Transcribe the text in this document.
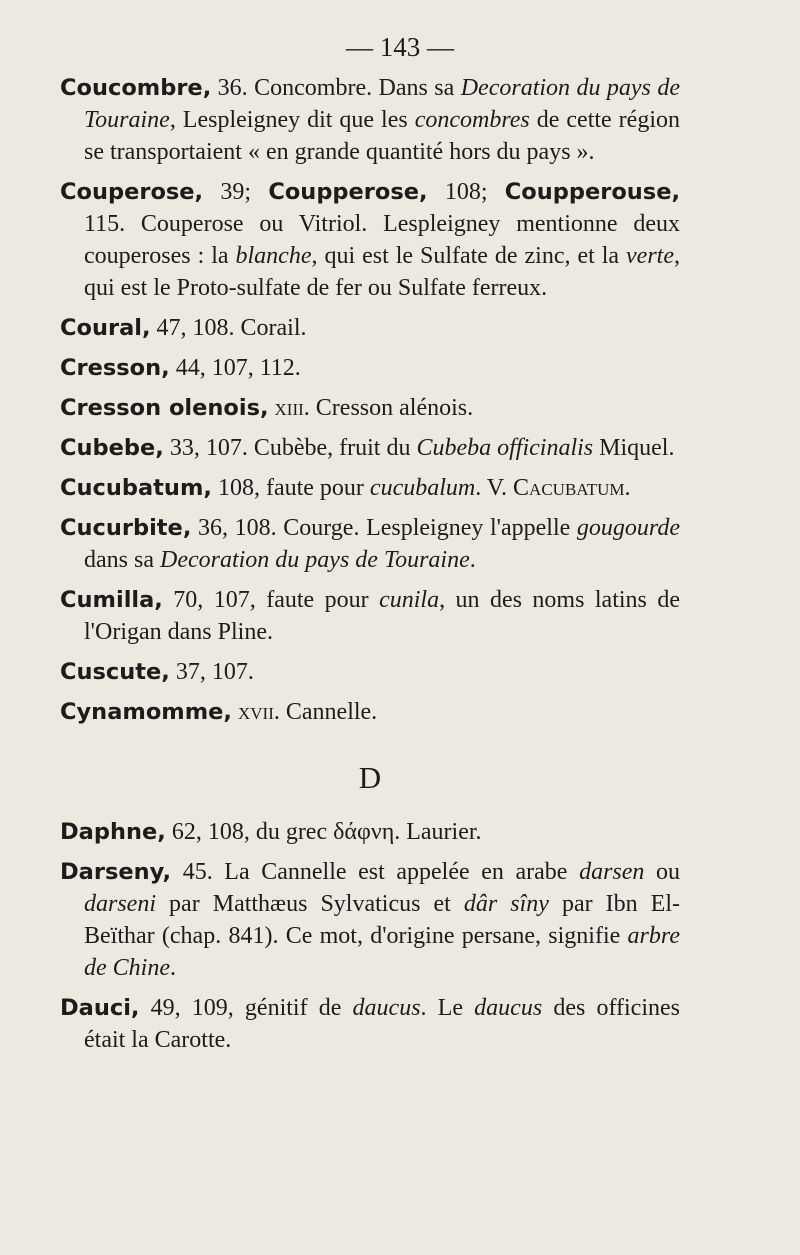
— 143 —

Coucombre, 36. Concombre. Dans sa Decoration du pays de Touraine, Lespleigney dit que les concombres de cette région se transportaient « en grande quantité hors du pays ».

Couperose, 39; Coupperose, 108; Coupperouse, 115. Couperose ou Vitriol. Lespleigney mentionne deux couperoses : la blanche, qui est le Sulfate de zinc, et la verte, qui est le Proto-sulfate de fer ou Sulfate ferreux.

Coural, 47, 108. Corail.

Cresson, 44, 107, 112.

Cresson olenois, xiii. Cresson alénois.

Cubebe, 33, 107. Cubèbe, fruit du Cubeba officinalis Miquel.

Cucubatum, 108, faute pour cucubalum. V. Cacubatum.

Cucurbite, 36, 108. Courge. Lespleigney l'appelle gougourde dans sa Decoration du pays de Touraine.

Cumilla, 70, 107, faute pour cunila, un des noms latins de l'Origan dans Pline.

Cuscute, 37, 107.

Cynamomme, xvii. Cannelle.

D

Daphne, 62, 108, du grec δάφνη. Laurier.

Darseny, 45. La Cannelle est appelée en arabe darsen ou darseni par Matthæus Sylvaticus et dâr sîny par Ibn El-Beïthar (chap. 841). Ce mot, d'origine persane, signifie arbre de Chine.

Dauci, 49, 109, génitif de daucus. Le daucus des officines était la Carotte.
